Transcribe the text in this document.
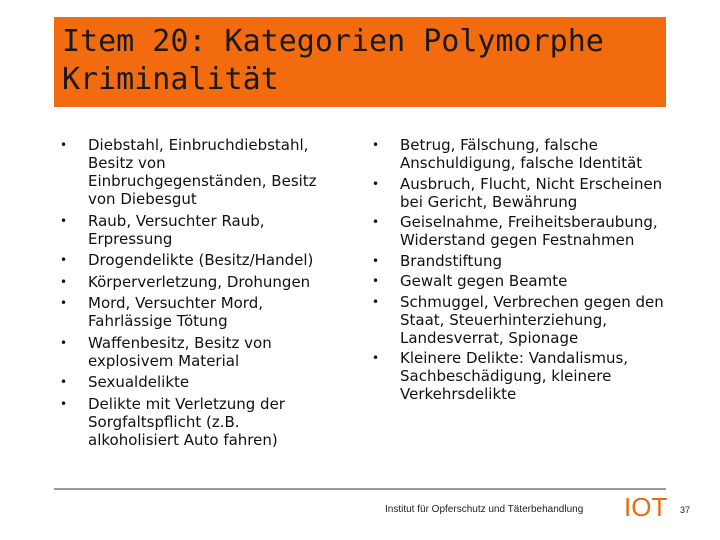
Item 20: Kategorien Polymorphe
Kriminalität
•	Diebstahl, Einbruchdiebstahl, Besitz von Einbruchgegenständen, Besitz von Diebesgut
•	Raub, Versuchter Raub, Erpressung
•	Drogendelikte (Besitz/Handel)
•	Körperverletzung, Drohungen
•	Mord, Versuchter Mord, Fahrlässige Tötung
•	Waffenbesitz, Besitz von explosivem Material
•	Sexualdelikte
•	Delikte mit Verletzung der Sorgfaltspflicht (z.B. alkoholisiert Auto fahren)
•	Betrug, Fälschung, falsche Anschuldigung, falsche Identität
•	Ausbruch, Flucht, Nicht Erscheinen bei Gericht, Bewährung
•	Geiselnahme, Freiheitsberaubung, Widerstand gegen Festnahmen
•	Brandstiftung
•	Gewalt gegen Beamte
•	Schmuggel, Verbrechen gegen den Staat, Steuerhinterziehung, Landesverrat, Spionage
•	Kleinere Delikte: Vandalismus, Sachbeschädigung, kleinere Verkehrsdelikte
Institut für Opferschutz und Täterbehandlung IOT 37
